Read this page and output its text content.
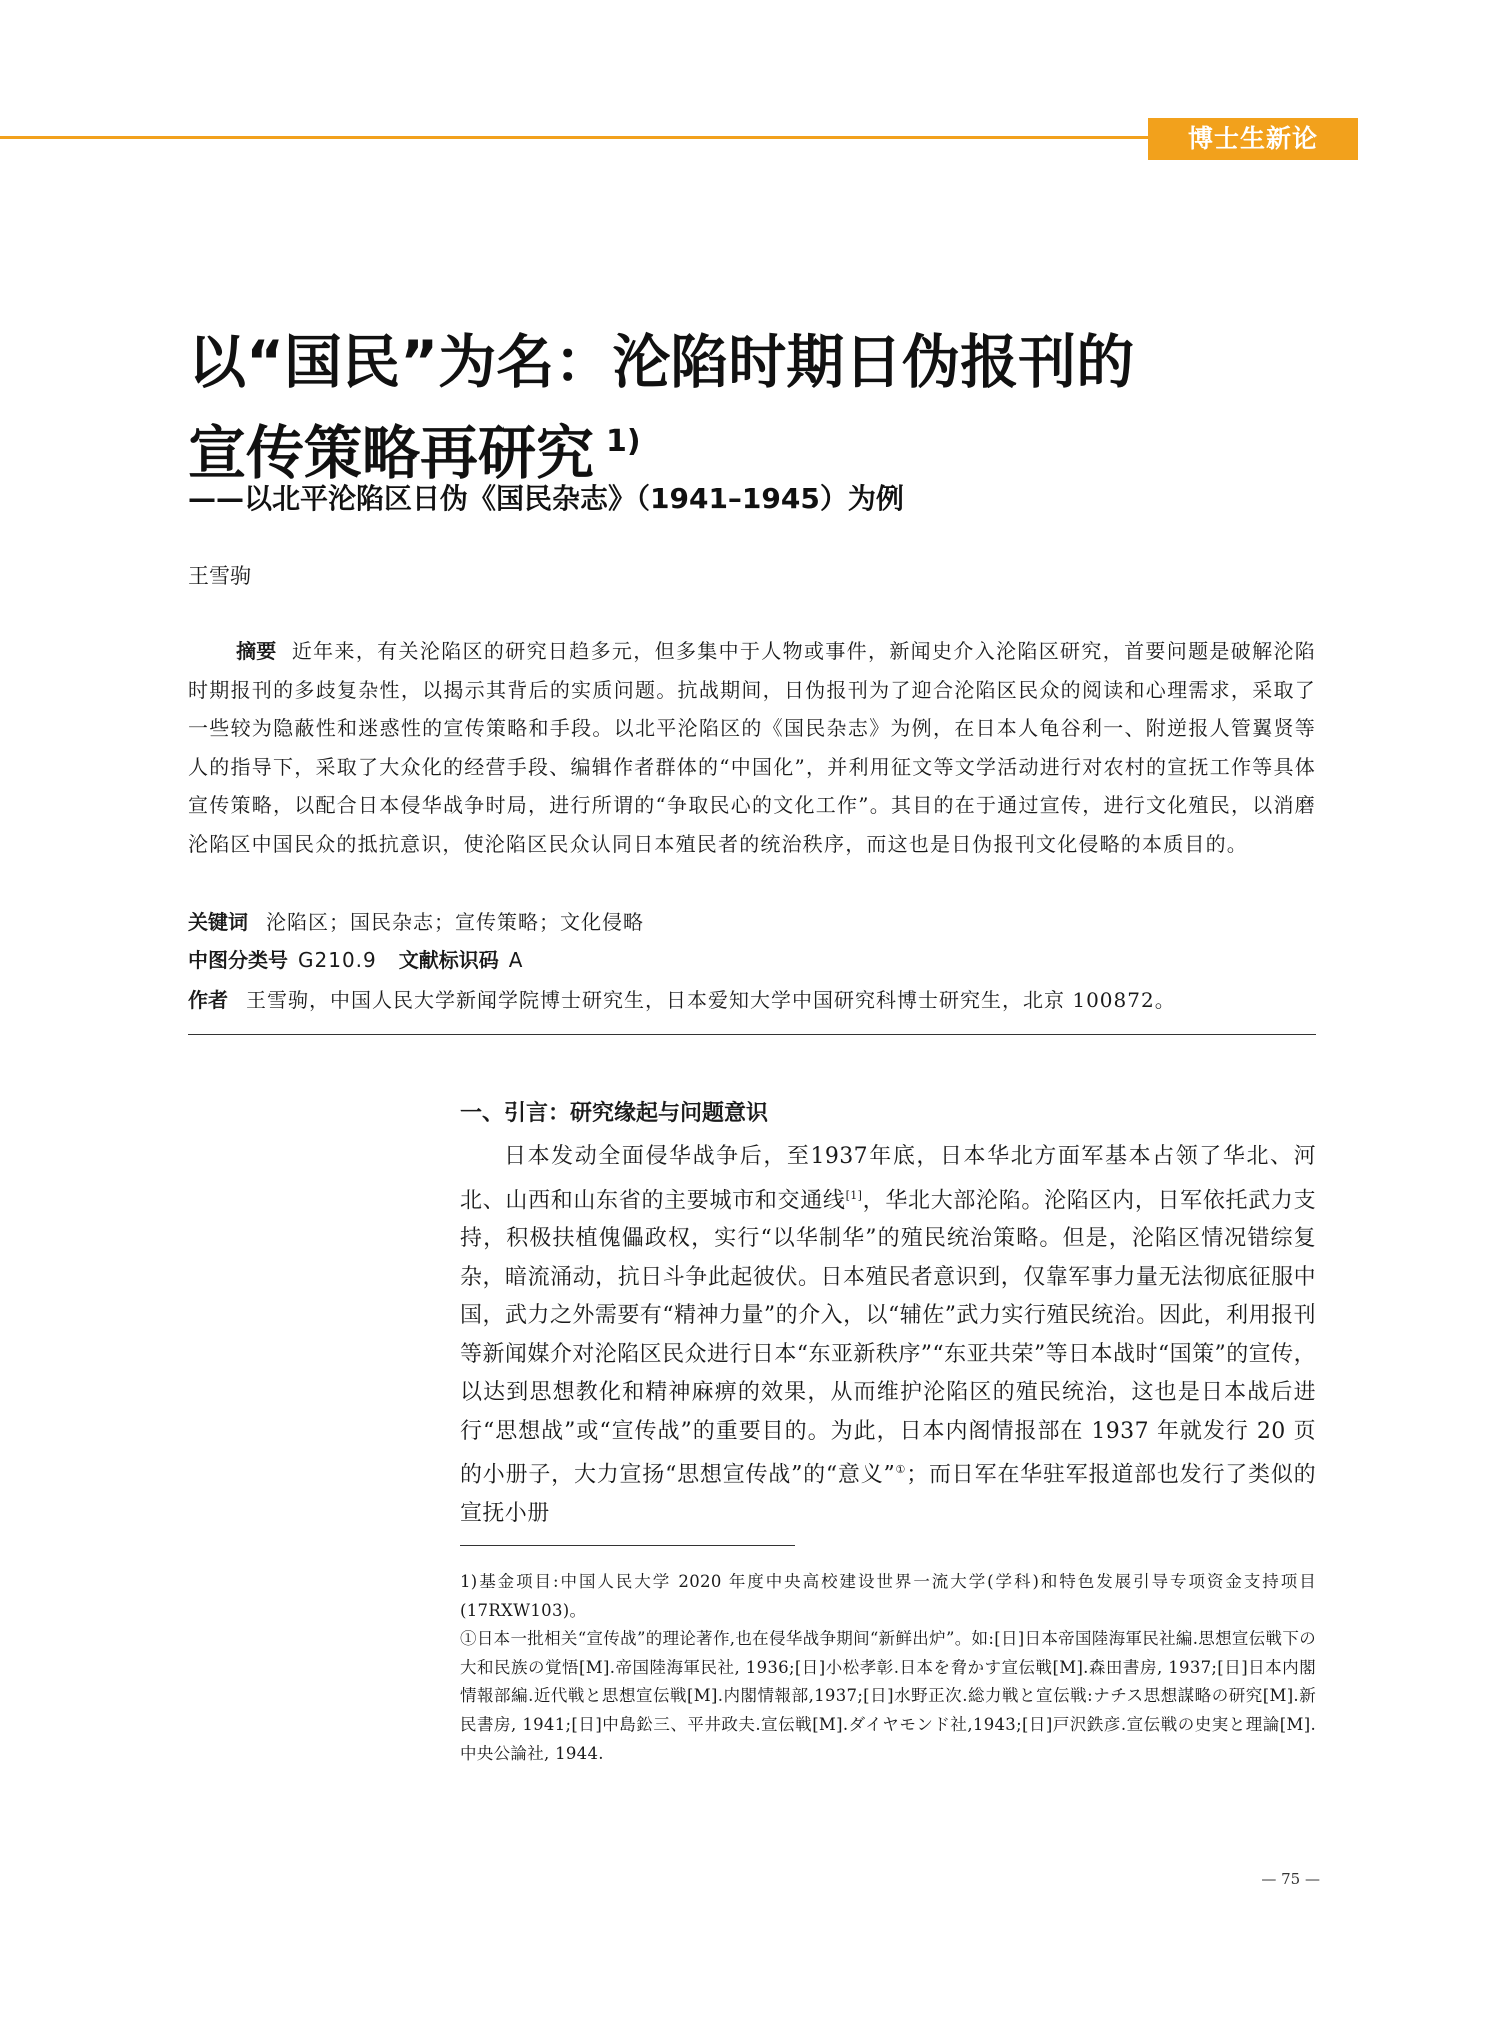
博士生新论
以“国民”为名：沦陷时期日伪报刊的
宣传策略再研究 $^{1)}$
——以北平沦陷区日伪《国民杂志》（1941–1945）为例
王雪驹

摘要 近年来，有关沦陷区的研究日趋多元，但多集中于人物或事件，新闻史介入沦陷区研究，首要问题是破解沦陷时期报刊的多歧复杂性，以揭示其背后的实质问题。抗战期间，日伪报刊为了迎合沦陷区民众的阅读和心理需求，采取了一些较为隐蔽性和迷惑性的宣传策略和手段。以北平沦陷区的《国民杂志》为例，在日本人龟谷利一、附逆报人管翼贤等人的指导下，采取了大众化的经营手段、编辑作者群体的“中国化”，并利用征文等文学活动进行对农村的宣抚工作等具体宣传策略，以配合日本侵华战争时局，进行所谓的“争取民心的文化工作”。其目的在于通过宣传，进行文化殖民，以消磨沦陷区中国民众的抵抗意识，使沦陷区民众认同日本殖民者的统治秩序，而这也是日伪报刊文化侵略的本质目的。

关键词 沦陷区；国民杂志；宣传策略；文化侵略
中图分类号 G210.9 文献标识码 A
作者 王雪驹，中国人民大学新闻学院博士研究生，日本爱知大学中国研究科博士研究生，北京 100872。
一、引言：研究缘起与问题意识

日本发动全面侵华战争后，至1937年底，日本华北方面军基本占领了华北、河北、山西和山东省的主要城市和交通线[1]，华北大部沦陷。沦陷区内，日军依托武力支持，积极扶植傀儡政权，实行“以华制华”的殖民统治策略。但是，沦陷区情况错综复杂，暗流涌动，抗日斗争此起彼伏。日本殖民者意识到，仅靠军事力量无法彻底征服中国，武力之外需要有“精神力量”的介入，以“辅佐”武力实行殖民统治。因此，利用报刊等新闻媒介对沦陷区民众进行日本“东亚新秩序”“东亚共荣”等日本战时“国策”的宣传，以达到思想教化和精神麻痹的效果，从而维护沦陷区的殖民统治，这也是日本战后进行“思想战”或“宣传战”的重要目的。为此，日本内阁情报部在 1937 年就发行 20 页的小册子，大力宣扬“思想宣传战”的“意义”①；而日军在华驻军报道部也发行了类似的宣抚小册

1)基金项目:中国人民大学 2020 年度中央高校建设世界一流大学(学科)和特色发展引导专项资金支持项目(17RXW103)。

①日本一批相关“宣传战”的理论著作,也在侵华战争期间“新鲜出炉”。如:[日]日本帝国陸海軍民社編.思想宣伝戦下の大和民族の覚悟[M].帝国陸海軍民社, 1936;[日]小松孝彰.日本を脅かす宣伝戦[M].森田書房, 1937;[日]日本内閣情報部編.近代戦と思想宣伝戦[M].内閣情報部,1937;[日]水野正次.総力戦と宣伝戦:ナチス思想謀略の研究[M].新民書房, 1941;[日]中島鈆三、平井政夫.宣伝戦[M].ダイヤモンド社,1943;[日]戸沢鉄彦.宣伝戦の史実と理論[M].中央公論社, 1944.

— 75 —
